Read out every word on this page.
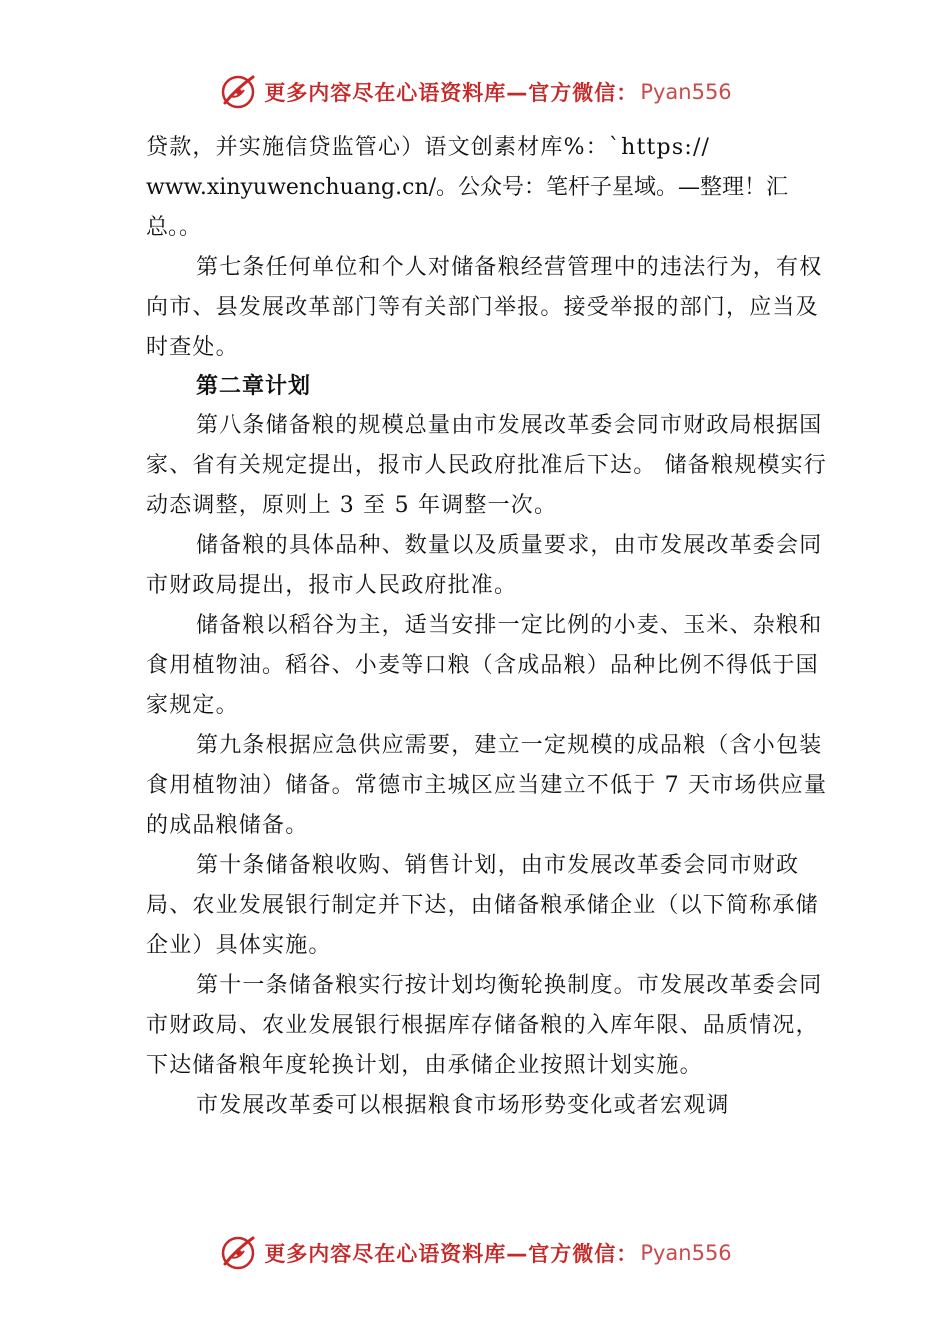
更多内容尽在心语资料库—官方微信： Pyan556

贷款，并实施信贷监管心）语文创素材库%：`https://
www.xinyuwenchuang.cn/。公众号：笔杆子星域。—整理！汇总。。

第七条任何单位和个人对储备粮经营管理中的违法行为，有权向市、县发展改革部门等有关部门举报。接受举报的部门，应当及时查处。

第二章计划

第八条储备粮的规模总量由市发展改革委会同市财政局根据国家、省有关规定提出，报市人民政府批准后下达。 储备粮规模实行动态调整，原则上 3 至 5 年调整一次。

储备粮的具体品种、数量以及质量要求，由市发展改革委会同市财政局提出，报市人民政府批准。

储备粮以稻谷为主，适当安排一定比例的小麦、玉米、杂粮和食用植物油。稻谷、小麦等口粮（含成品粮）品种比例不得低于国家规定。

第九条根据应急供应需要，建立一定规模的成品粮（含小包装食用植物油）储备。常德市主城区应当建立不低于 7 天市场供应量的成品粮储备。

第十条储备粮收购、销售计划，由市发展改革委会同市财政局、农业发展银行制定并下达，由储备粮承储企业（以下简称承储企业）具体实施。

第十一条储备粮实行按计划均衡轮换制度。市发展改革委会同市财政局、农业发展银行根据库存储备粮的入库年限、品质情况，下达储备粮年度轮换计划，由承储企业按照计划实施。

市发展改革委可以根据粮食市场形势变化或者宏观调

更多内容尽在心语资料库—官方微信： Pyan556
